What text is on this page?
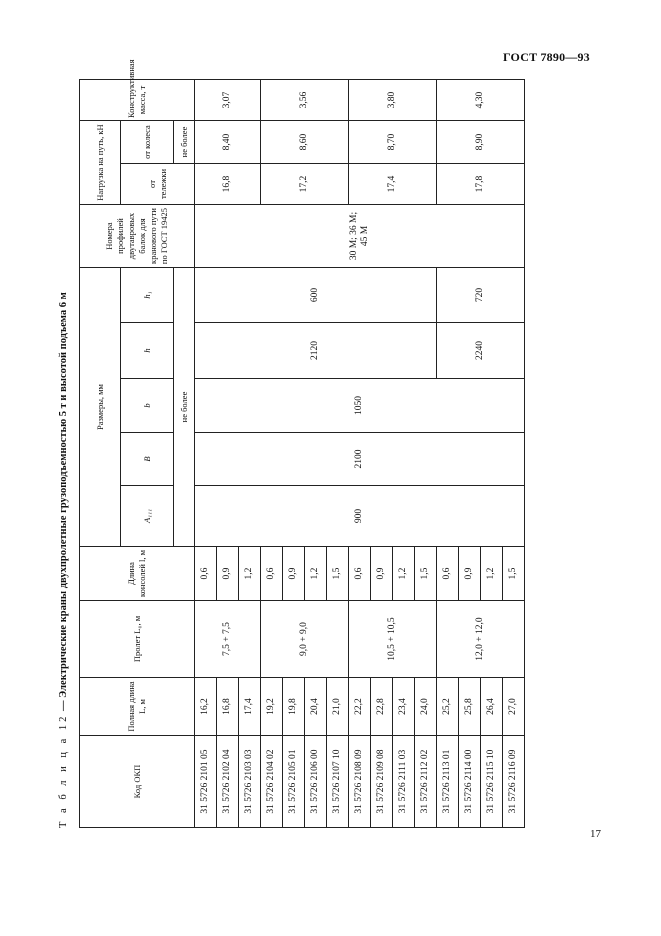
ГОСТ 7890—93
Т а б л и ц а 12 — Электрические краны двухпролетные грузоподъемностью 5 т и высотой подъема 6 м
Код ОКП	Полная длина L, м	Пролет L₀, м	Длина консолей l, м	Размеры, мм					Номера профилей двутавровых балок для кранового пути по ГОСТ 19425	Нагрузка на путь, кН		Конструктивная масса, т
				A₁₁₁	B	b	h	h₁		от тележки	от колеса	
				не более							не более	
31 5726 2101 05	16,2	7,5 + 7,5	0,6	900	2100	1050	2120	600	30 М; 36 М; 45 М	16,8	8,40	3,07
31 5726 2102 04	16,8		0,9									
31 5726 2103 03	17,4		1,2									
31 5726 2104 02	19,2	9,0 + 9,0	0,6							17,2	8,60	3,56
31 5726 2105 01	19,8		0,9									
31 5726 2106 00	20,4		1,2									
31 5726 2107 10	21,0		1,5									
31 5726 2108 09	22,2	10,5 + 10,5	0,6							17,4	8,70	3,80
31 5726 2109 08	22,8		0,9									
31 5726 2111 03	23,4		1,2									
31 5726 2112 02	24,0		1,5									
31 5726 2113 01	25,2	12,0 + 12,0	0,6				2240	720		17,8	8,90	4,30
31 5726 2114 00	25,8		0,9									
31 5726 2115 10	26,4		1,2									
31 5726 2116 09	27,0		1,5									
17
